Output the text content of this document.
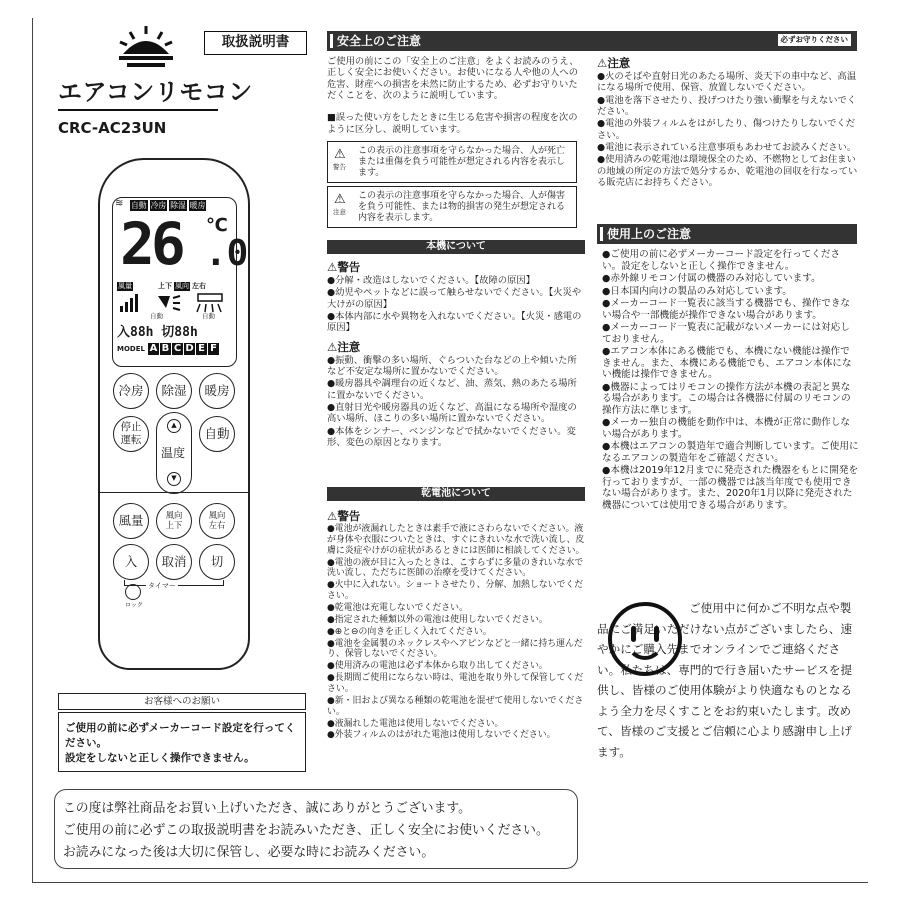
取扱説明書
エアコンリモコン
CRC-AC23UN
≋ 自動 冷房 除湿 暖房
26 ℃
.0
風量	上下 風向 左右
自動	自動
入88h 切88h
MODEL A B C D E F
冷房	除湿	暖房
停止
運転
▲
温度
▼
自動
風量	風向
上下
風向
左右
入	取消	切
タイマー
ロック
お客様へのお願い
ご使用の前に必ずメーカーコード設定を行ってください。
設定をしないと正しく操作できません。
安全上のご注意	必ずお守りください

ご使用の前にこの「安全上のご注意」をよくお読みのうえ、正しく安全にお使いください。お使いになる人や他の人への危害、財産への損害を未然に防止するため、必ずお守りいただくことを、次のように説明しています。

■誤った使い方をしたときに生じる危害や損害の程度を次のように区分し、説明しています。

⚠
警告
この表示の注意事項を守らなかった場合、人が死亡または重傷を負う可能性が想定される内容を表示します。
⚠
注意
この表示の注意事項を守らなかった場合、人が傷害を負う可能性、または物的損害の発生が想定される内容を表示します。
本機について

⚠警告

●分解・改造はしないでください。【故障の原因】

●幼児やペットなどに誤って触らせないでください。【火災や大けがの原因】

●本体内部に水や異物を入れないでください。【火災・感電の原因】

⚠注意

●振動、衝撃の多い場所、ぐらついた台などの上や傾いた所など不安定な場所に置かないでください。

●暖房器具や調理台の近くなど、油、蒸気、熱のあたる場所に置かないでください。

●直射日光や暖房器具の近くなど、高温になる場所や湿度の高い場所、ほこりの多い場所に置かないでください。

●本体をシンナー、ベンジンなどで拭かないでください。変形、変色の原因となります。

乾電池について

⚠警告

●電池が液漏れしたときは素手で液にさわらないでください。液が身体や衣服についたときは、すぐにきれいな水で洗い流し、皮膚に炎症やけがの症状があるときには医師に相談してください。

●電池の液が目に入ったときは、こすらずに多量のきれいな水で洗い流し、ただちに医師の治療を受けてください。

●火中に入れない。ショートさせたり、分解、加熱しないでください。

●乾電池は充電しないでください。

●指定された種類以外の電池は使用しないでください。

●⊕と⊖の向きを正しく入れてください。

●電池を金属製のネックレスやヘアピンなどと一緒に持ち運んだり、保管しないでください。

●使用済みの電池は必ず本体から取り出してください。

●長期間ご使用にならない時は、電池を取り外して保管してください。

●新・旧および異なる種類の乾電池を混ぜて使用しないでください。

●液漏れした電池は使用しないでください。

●外装フィルムのはがれた電池は使用しないでください。

⚠注意

●火のそばや直射日光のあたる場所、炎天下の車中など、高温になる場所で使用、保管、放置しないでください。

●電池を落下させたり、投げつけたり強い衝撃を与えないでください。

●電池の外装フィルムをはがしたり、傷つけたりしないでください。

●電池に表示されている注意事項もあわせてお読みください。

●使用済みの乾電池は環境保全のため、不燃物としてお住まいの地域の所定の方法で処分するか、乾電池の回収を行なっている販売店にお持ちください。

使用上のご注意

●ご使用の前に必ずメーカーコード設定を行ってください。設定をしないと正しく操作できません。

●赤外線リモコン付属の機器のみ対応しています。

●日本国内向けの製品のみ対応しています。

●メーカーコード一覧表に該当する機器でも、操作できない場合や一部機能が操作できない場合があります。

●メーカーコード一覧表に記載がないメーカーには対応しておりません。

●エアコン本体にある機能でも、本機にない機能は操作できません。また、本機にある機能でも、エアコン本体にない機能は操作できません。

●機器によってはリモコンの操作方法が本機の表記と異なる場合があります。この場合は各機器に付属のリモコンの操作方法に準じます。

●メーカー独自の機能を動作中は、本機が正常に動作しない場合があります。

●本機はエアコンの製造年で適合判断しています。ご使用になるエアコンの製造年をご確認ください。

●本機は2019年12月までに発売された機器をもとに開発を行っておりますが、一部の機器では該当年度でも使用できない場合があります。また、2020年1月以降に発売された機器については使用できる場合があります。

ご使用中に何かご不明な点や製品にご満足いただけない点がございましたら、速やかにご購入先までオンラインでご連絡ください。私たちは、専門的で行き届いたサービスを提供し、皆様のご使用体験がより快適なものとなるよう全力を尽くすことをお約束いたします。改めて、皆様のご支援とご信頼に心より感謝申し上げます。
この度は弊社商品をお買い上げいただき、誠にありがとうございます。
ご使用の前に必ずこの取扱説明書をお読みいただき、正しく安全にお使いください。
お読みになった後は大切に保管し、必要な時にお読みください。
